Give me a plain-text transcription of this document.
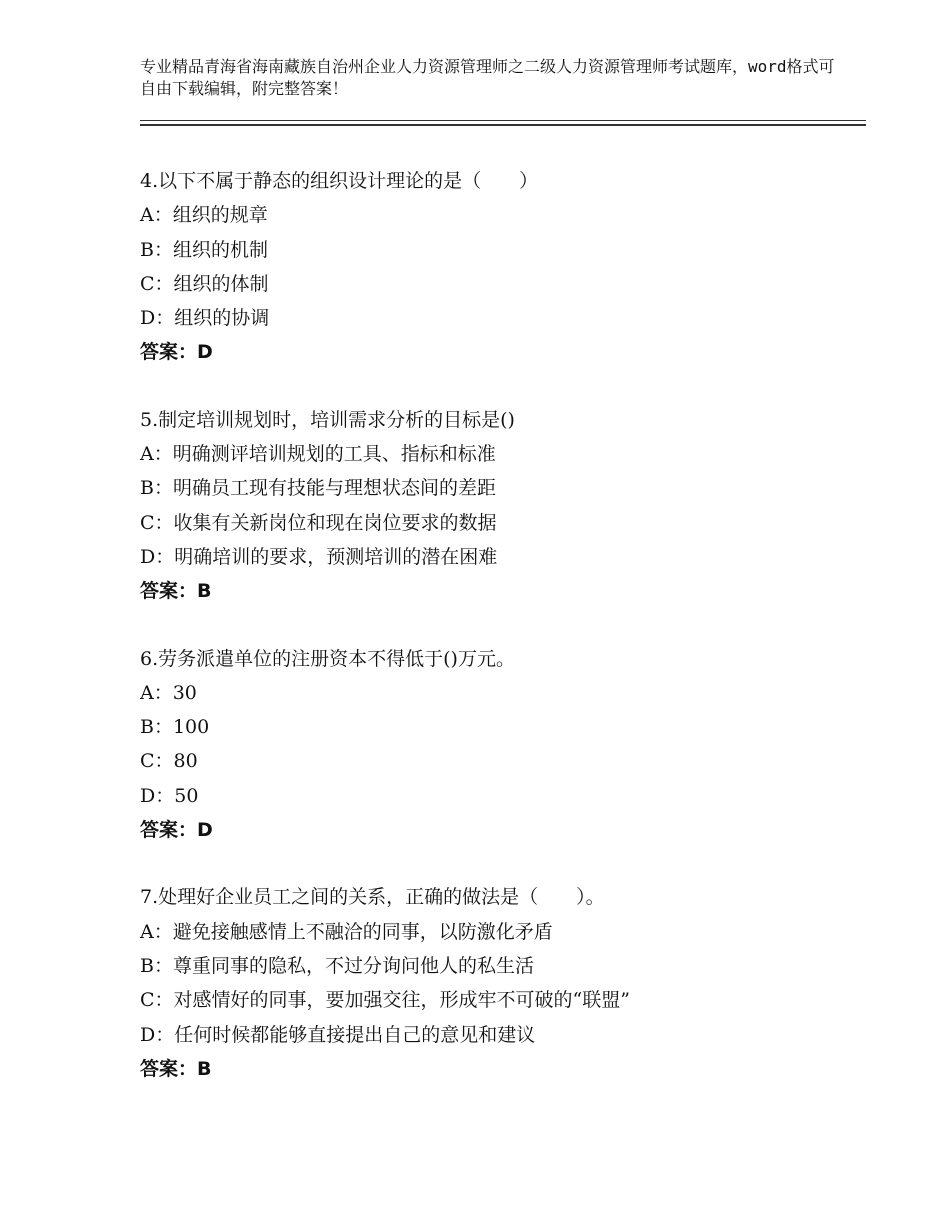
专业精品青海省海南藏族自治州企业人力资源管理师之二级人力资源管理师考试题库，word格式可自由下载编辑，附完整答案！
4.以下不属于静态的组织设计理论的是（　　）
A：组织的规章
B：组织的机制
C：组织的体制
D：组织的协调
答案：D
5.制定培训规划时，培训需求分析的目标是()
A：明确测评培训规划的工具、指标和标准
B：明确员工现有技能与理想状态间的差距
C：收集有关新岗位和现在岗位要求的数据
D：明确培训的要求，预测培训的潜在困难
答案：B
6.劳务派遣单位的注册资本不得低于()万元。
A：30
B：100
C：80
D：50
答案：D
7.处理好企业员工之间的关系，正确的做法是（　　）。
A：避免接触感情上不融洽的同事，以防激化矛盾
B：尊重同事的隐私，不过分询问他人的私生活
C：对感情好的同事，要加强交往，形成牢不可破的“联盟”
D：任何时候都能够直接提出自己的意见和建议
答案：B
